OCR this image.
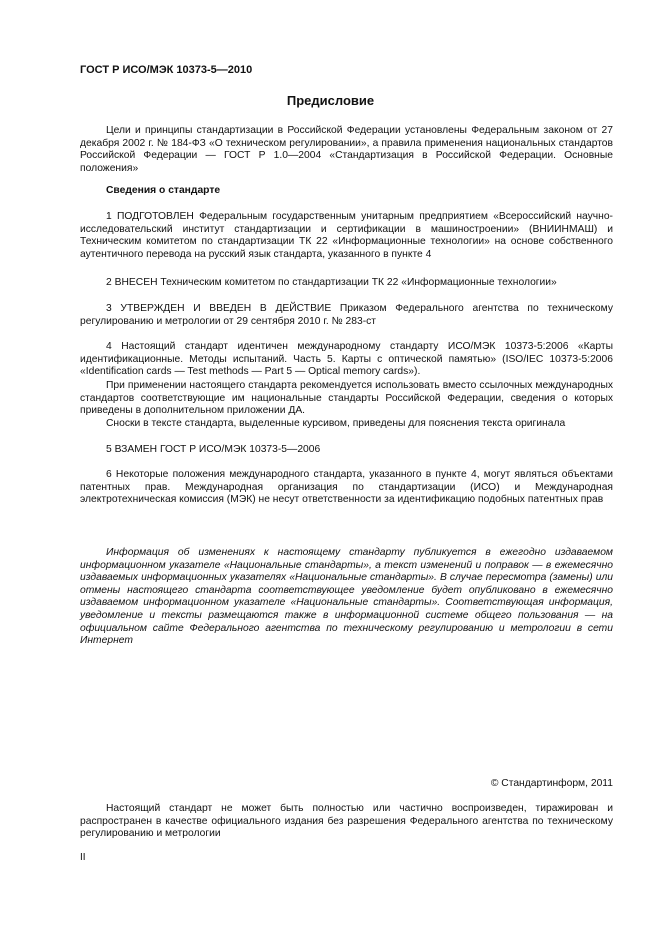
ГОСТ Р ИСО/МЭК 10373-5—2010
Предисловие

Цели и принципы стандартизации в Российской Федерации установлены Федеральным законом от 27 декабря 2002 г. № 184-ФЗ «О техническом регулировании», а правила применения национальных стандартов Российской Федерации — ГОСТ Р 1.0—2004 «Стандартизация в Российской Федерации. Основные положения»

Сведения о стандарте

1 ПОДГОТОВЛЕН Федеральным государственным унитарным предприятием «Всероссийский научно-исследовательский институт стандартизации и сертификации в машиностроении» (ВНИИНМАШ) и Техническим комитетом по стандартизации ТК 22 «Информационные технологии» на основе собственного аутентичного перевода на русский язык стандарта, указанного в пункте 4

2 ВНЕСЕН Техническим комитетом по стандартизации ТК 22 «Информационные технологии»

3 УТВЕРЖДЕН И ВВЕДЕН В ДЕЙСТВИЕ Приказом Федерального агентства по техническому регулированию и метрологии от 29 сентября 2010 г. № 283-ст

4 Настоящий стандарт идентичен международному стандарту ИСО/МЭК 10373-5:2006 «Карты идентификационные. Методы испытаний. Часть 5. Карты с оптической памятью» (ISO/IEC 10373-5:2006 «Identification cards — Test methods — Part 5 — Optical memory cards»).

При применении настоящего стандарта рекомендуется использовать вместо ссылочных международных стандартов соответствующие им национальные стандарты Российской Федерации, сведения о которых приведены в дополнительном приложении ДА.

Сноски в тексте стандарта, выделенные курсивом, приведены для пояснения текста оригинала

5 ВЗАМЕН ГОСТ Р ИСО/МЭК 10373-5—2006

6 Некоторые положения международного стандарта, указанного в пункте 4, могут являться объектами патентных прав. Международная организация по стандартизации (ИСО) и Международная электротехническая комиссия (МЭК) не несут ответственности за идентификацию подобных патентных прав

Информация об изменениях к настоящему стандарту публикуется в ежегодно издаваемом информационном указателе «Национальные стандарты», а текст изменений и поправок — в ежемесячно издаваемых информационных указателях «Национальные стандарты». В случае пересмотра (замены) или отмены настоящего стандарта соответствующее уведомление будет опубликовано в ежемесячно издаваемом информационном указателе «Национальные стандарты». Соответствующая информация, уведомление и тексты размещаются также в информационной системе общего пользования — на официальном сайте Федерального агентства по техническому регулированию и метрологии в сети Интернет

© Стандартинформ, 2011

Настоящий стандарт не может быть полностью или частично воспроизведен, тиражирован и распространен в качестве официального издания без разрешения Федерального агентства по техническому регулированию и метрологии

II
